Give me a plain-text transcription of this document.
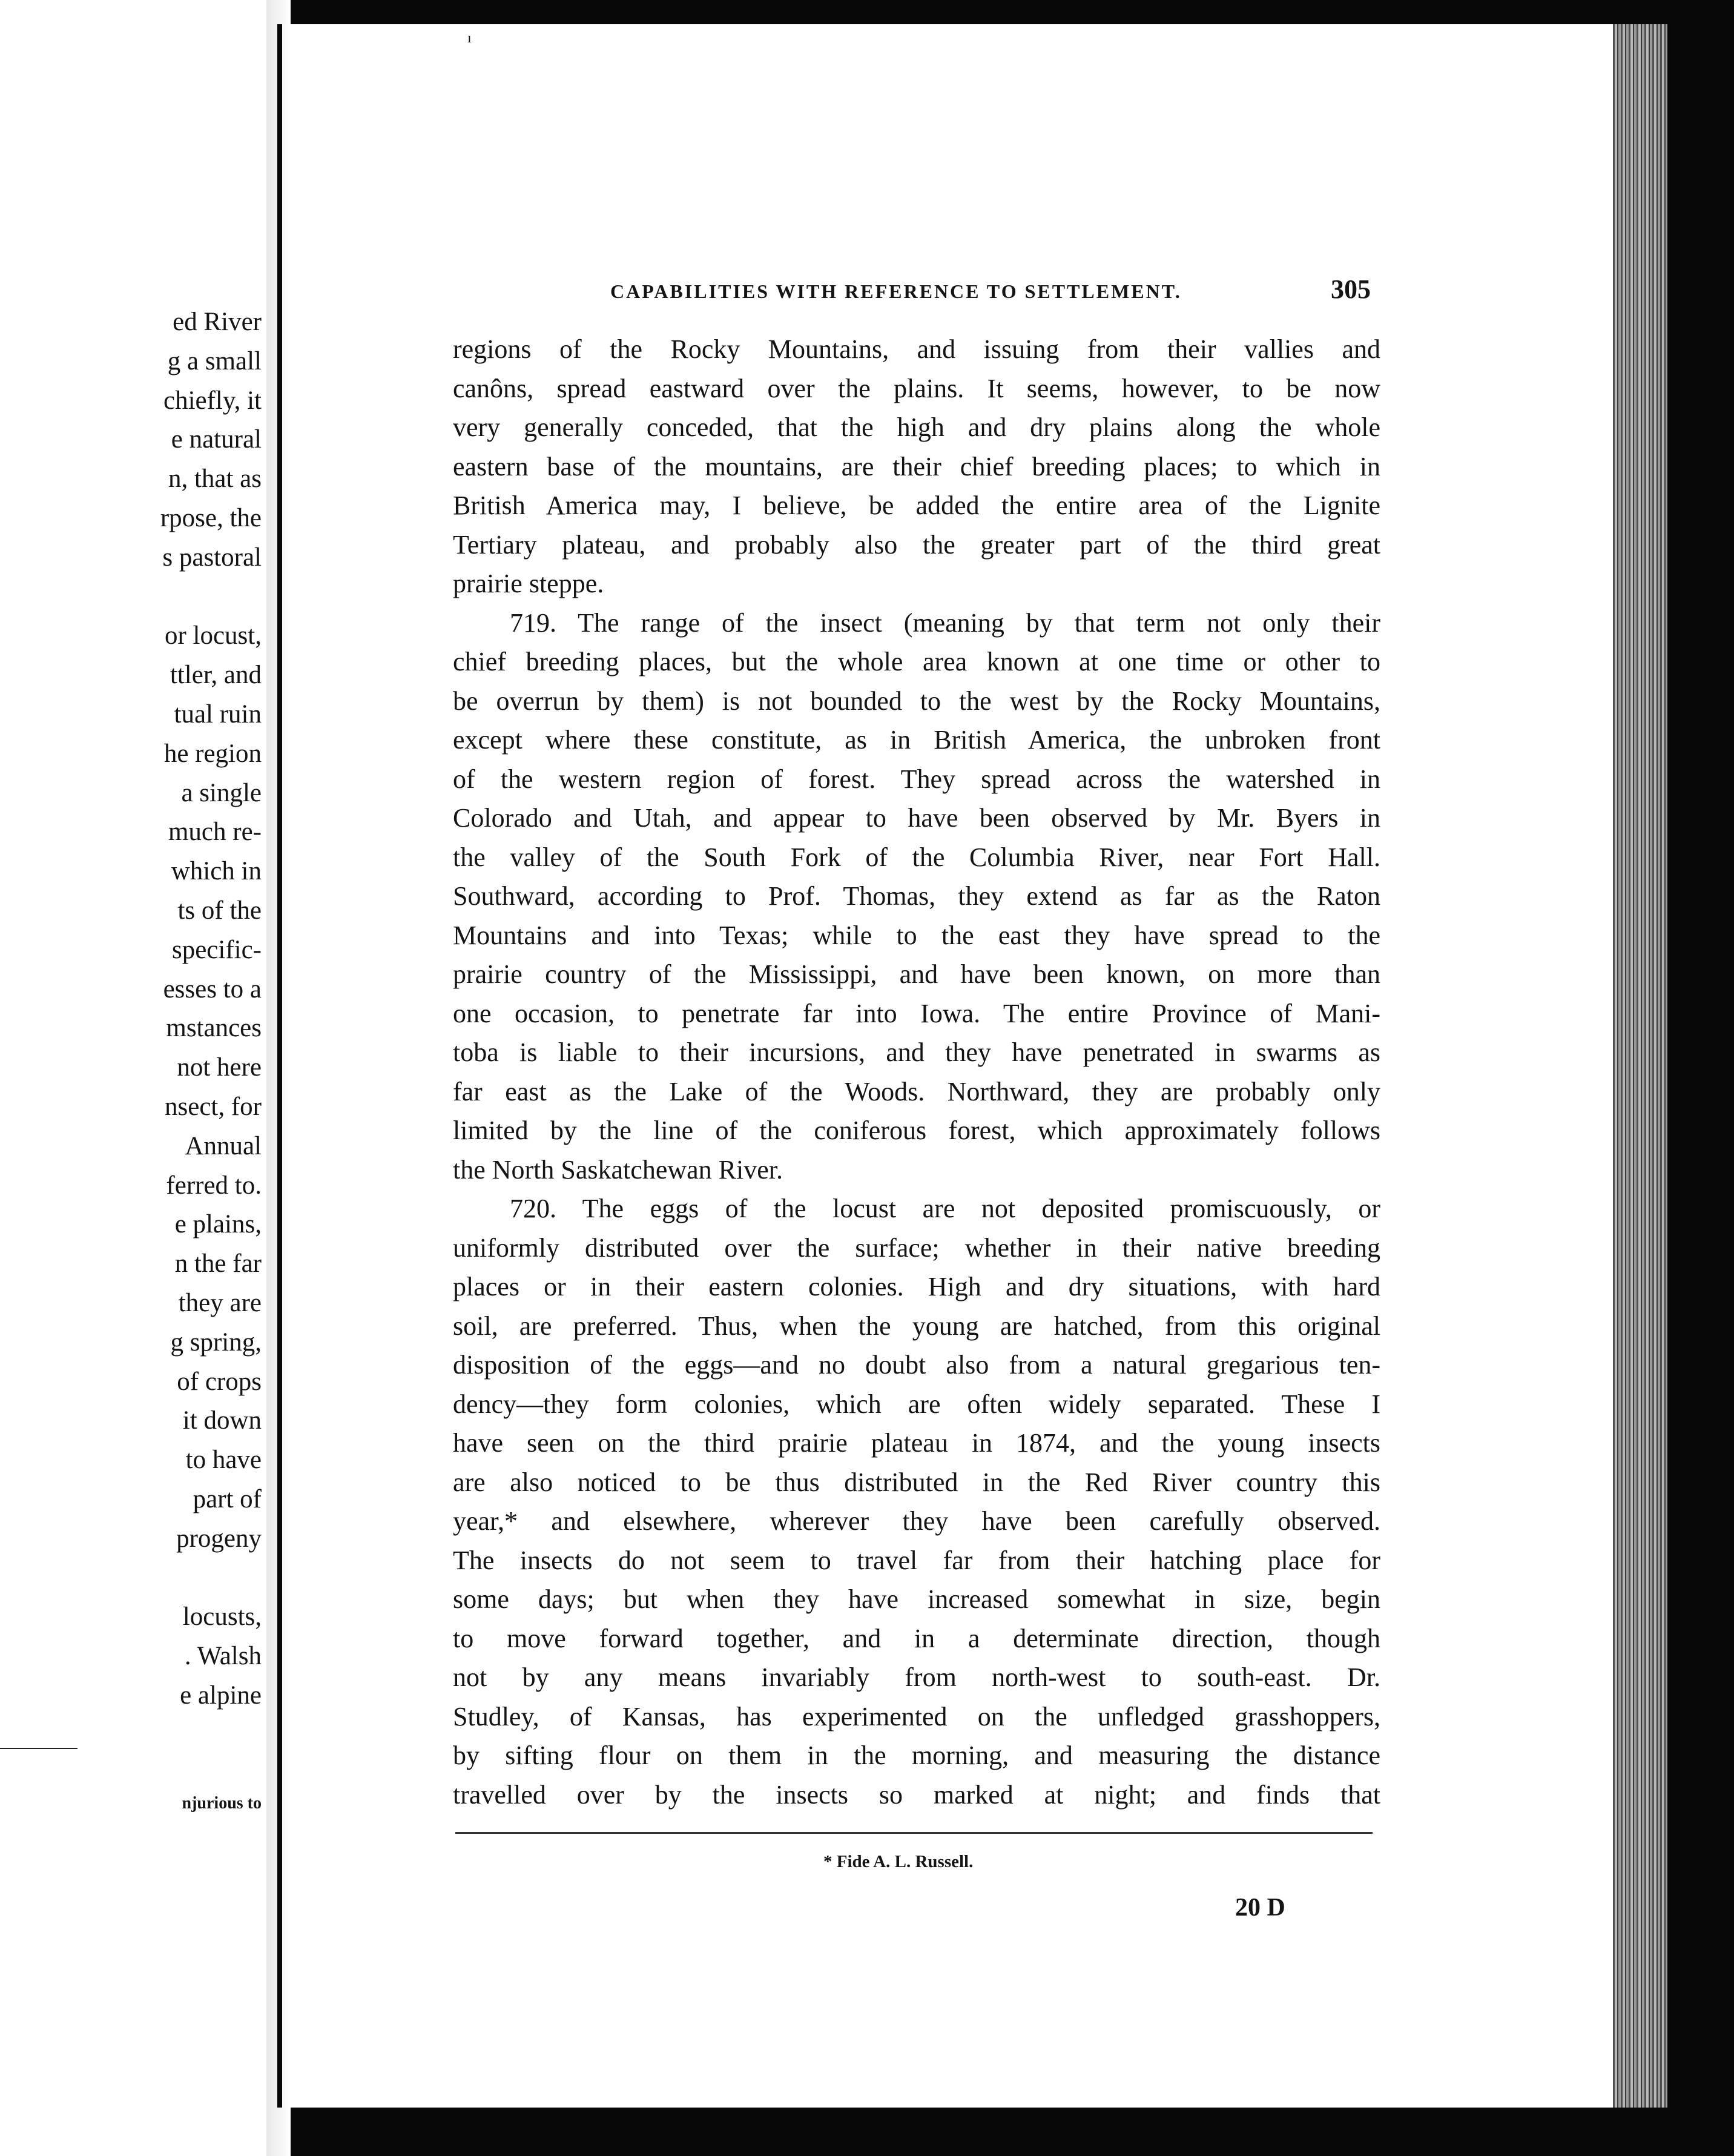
ed River

g a small

chiefly, it

e natural

n, that as

rpose, the

s pastoral

or locust,

ttler, and

tual ruin

he region

a single

much re-

which in

ts of the

specific-

esses to a

mstances

not here

nsect, for

Annual

ferred to.

e plains,

n the far

they are

g spring,

of crops

it down

to have

part of

progeny

locusts,

. Walsh

e alpine

njurious to

ı
CAPABILITIES WITH REFERENCE TO SETTLEMENT.	305

regions of the Rocky Mountains, and issuing from their vallies and

canôns, spread eastward over the plains. It seems, however, to be now

very generally conceded, that the high and dry plains along the whole

eastern base of the mountains, are their chief breeding places; to which in

British America may, I believe, be added the entire area of the Lignite

Tertiary plateau, and probably also the greater part of the third great

prairie steppe.

719. The range of the insect (meaning by that term not only their

chief breeding places, but the whole area known at one time or other to

be overrun by them) is not bounded to the west by the Rocky Mountains,

except where these constitute, as in British America, the unbroken front

of the western region of forest. They spread across the watershed in

Colorado and Utah, and appear to have been observed by Mr. Byers in

the valley of the South Fork of the Columbia River, near Fort Hall.

Southward, according to Prof. Thomas, they extend as far as the Raton

Mountains and into Texas; while to the east they have spread to the

prairie country of the Mississippi, and have been known, on more than

one occasion, to penetrate far into Iowa. The entire Province of Mani-

toba is liable to their incursions, and they have penetrated in swarms as

far east as the Lake of the Woods. Northward, they are probably only

limited by the line of the coniferous forest, which approximately follows

the North Saskatchewan River.

720. The eggs of the locust are not deposited promiscuously, or

uniformly distributed over the surface; whether in their native breeding

places or in their eastern colonies. High and dry situations, with hard

soil, are preferred. Thus, when the young are hatched, from this original

disposition of the eggs—and no doubt also from a natural gregarious ten-

dency—they form colonies, which are often widely separated. These I

have seen on the third prairie plateau in 1874, and the young insects

are also noticed to be thus distributed in the Red River country this

year,* and elsewhere, wherever they have been carefully observed.

The insects do not seem to travel far from their hatching place for

some days; but when they have increased somewhat in size, begin

to move forward together, and in a determinate direction, though

not by any means invariably from north-west to south-east. Dr.

Studley, of Kansas, has experimented on the unfledged grasshoppers,

by sifting flour on them in the morning, and measuring the distance

travelled over by the insects so marked at night; and finds that

* Fide A. L. Russell.
20 D
